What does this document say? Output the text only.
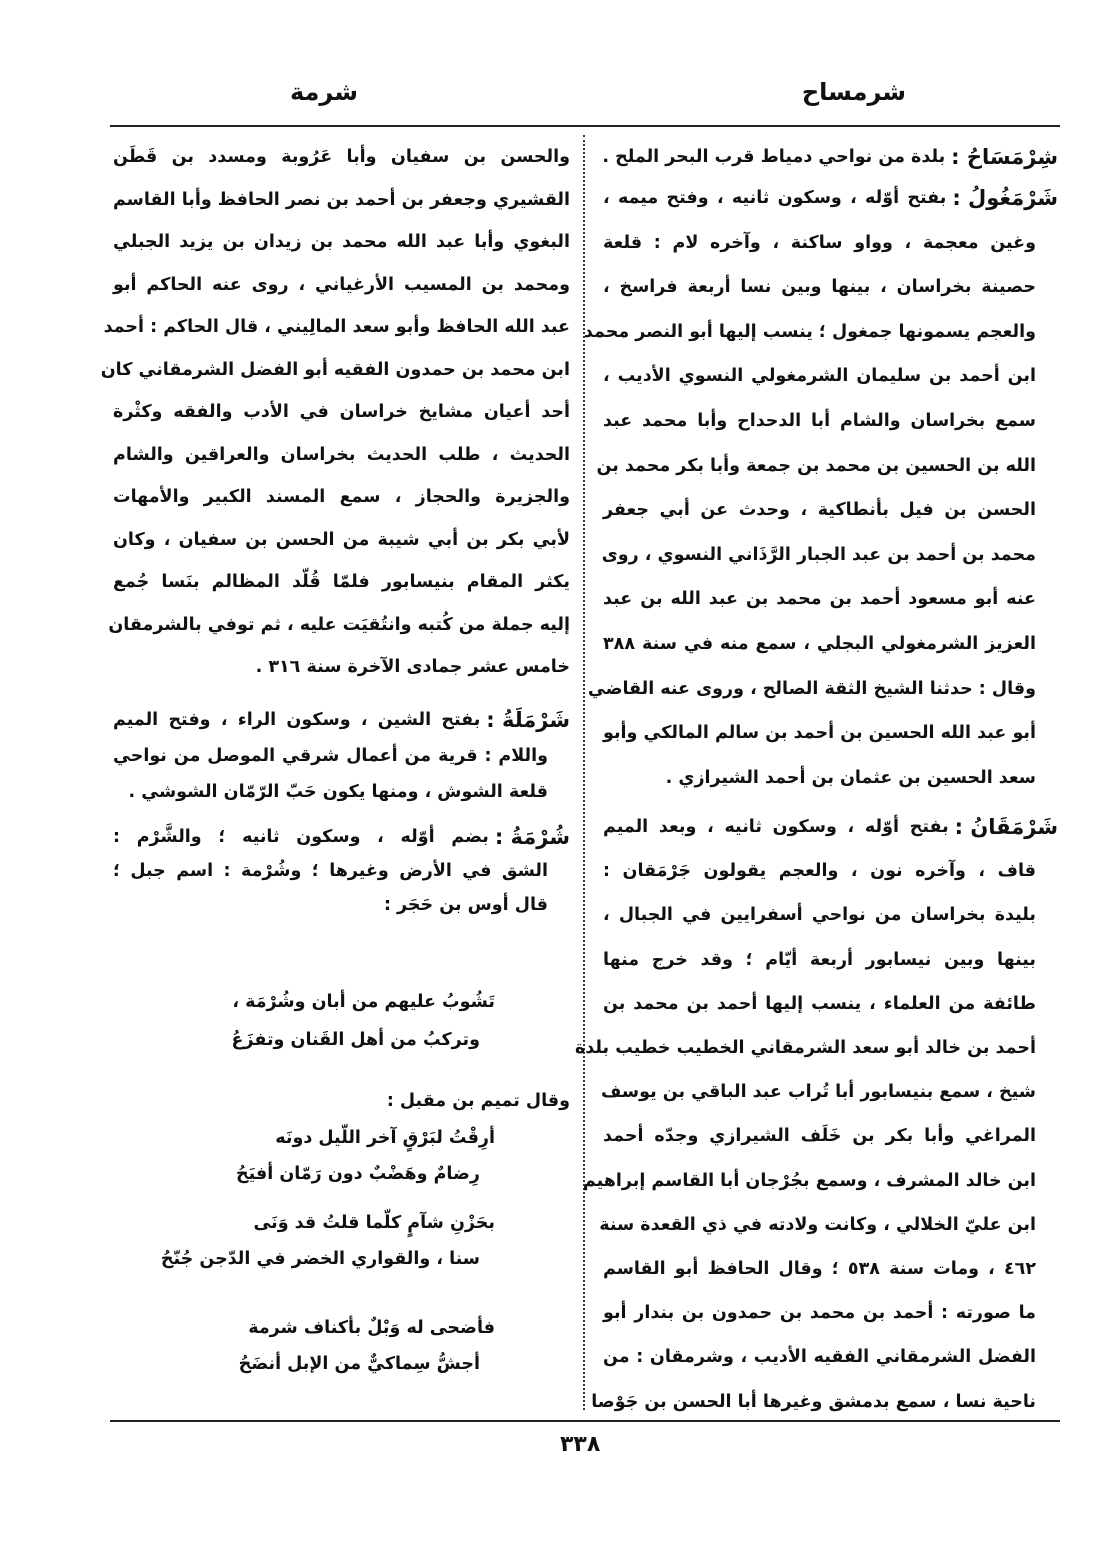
شرمساح
شرمة
٣٣٨
شِرْمَسَاحُ :
بلدة من نواحي دمياط قرب البحر الملح .
شَرْمَغُولُ :
بفتح أوّله ، وسكون ثانيه ، وفتح ميمه ،
وغين معجمة ، وواو ساكنة ، وآخره لام : قلعة
حصينة بخراسان ، بينها وبين نسا أربعة فراسخ ،
والعجم يسمونها جمغول ؛ ينسب إليها أبو النصر محمد
ابن أحمد بن سليمان الشرمغولي النسوي الأديب ،
سمع بخراسان والشام أبا الدحداح وأبا محمد عبد
الله بن الحسين بن محمد بن جمعة وأبا بكر محمد بن
الحسن بن فيل بأنطاكية ، وحدث عن أبي جعفر
محمد بن أحمد بن عبد الجبار الرَّذَاني النسوي ، روى
عنه أبو مسعود أحمد بن محمد بن عبد الله بن عبد
العزيز الشرمغولي البجلي ، سمع منه في سنة ٣٨٨
وقال : حدثنا الشيخ الثقة الصالح ، وروى عنه القاضي
أبو عبد الله الحسين بن أحمد بن سالم المالكي وأبو
سعد الحسين بن عثمان بن أحمد الشيرازي .
شَرْمَقَانُ :
بفتح أوّله ، وسكون ثانيه ، وبعد الميم
قاف ، وآخره نون ، والعجم يقولون جَرْمَقان :
بليدة بخراسان من نواحي أسفرايين في الجبال ،
بينها وبين نيسابور أربعة أيّام ؛ وقد خرج منها
طائفة من العلماء ، ينسب إليها أحمد بن محمد بن
أحمد بن خالد أبو سعد الشرمقاني الخطيب خطيب بلدة
شيخ ، سمع بنيسابور أبا تُراب عبد الباقي بن يوسف
المراغي وأبا بكر بن خَلَف الشيرازي وجدّه أحمد
ابن خالد المشرف ، وسمع بجُرْجان أبا القاسم إبراهيم
ابن عليّ الخلالي ، وكانت ولادته في ذي القعدة سنة
٤٦٢ ، ومات سنة ٥٣٨ ؛ وقال الحافظ أبو القاسم
ما صورته : أحمد بن محمد بن حمدون بن بندار أبو
الفضل الشرمقاني الفقيه الأديب ، وشرمقان : من
ناحية نسا ، سمع بدمشق وغيرها أبا الحسن بن جَوْصا
والحسن بن سفيان وأبا عَرُوبة ومسدد بن قَطَن
القشيري وجعفر بن أحمد بن نصر الحافظ وأبا القاسم
البغوي وأبا عبد الله محمد بن زيدان بن يزيد الجبلي
ومحمد بن المسيب الأرغياني ، روى عنه الحاكم أبو
عبد الله الحافظ وأبو سعد المالِيني ، قال الحاكم : أحمد
ابن محمد بن حمدون الفقيه أبو الفضل الشرمقاني كان
أحد أعيان مشايخ خراسان في الأدب والفقه وكثْرة
الحديث ، طلب الحديث بخراسان والعراقين والشام
والجزيرة والحجاز ، سمع المسند الكبير والأمهات
لأبي بكر بن أبي شيبة من الحسن بن سفيان ، وكان
يكثر المقام بنيسابور فلمّا قُلّد المظالم بنَسا جُمع
إليه جملة من كُتبه وانتُقيَت عليه ، ثم توفي بالشرمقان
خامس عشر جمادى الآخرة سنة ٣١٦ .
شَرْمَلَةُ :
بفتح الشين ، وسكون الراء ، وفتح الميم
واللام : قرية من أعمال شرقي الموصل من نواحي
قلعة الشوش ، ومنها يكون حَبّ الرّمّان الشوشي .
شُرْمَةُ :
بضم أوّله ، وسكون ثانيه ؛ والشَّرْم :
الشق في الأرض وغيرها ؛ وشُرْمة : اسم جبل ؛
قال أوس بن حَجَر :
تَشُوبُ عليهم من أبان وشُرْمَة ،
وتركبُ من أهل القَنان وتفزَعُ
وقال تميم بن مقبل :
أرِقْتُ لبَرْقٍ آخر اللّيل دونَه
رِضامٌ وهَضْبٌ دون رَمّان أفيَحُ
بحَزْنِ شآمٍ كلّما قلتُ قد وَنَى
سنا ، والقواري الخضر في الدّجن جُنّحُ
فأضحى له وَبْلٌ بأكناف شرمة
أجشُّ سِماكيٌّ من الإبل أنضَحُ
